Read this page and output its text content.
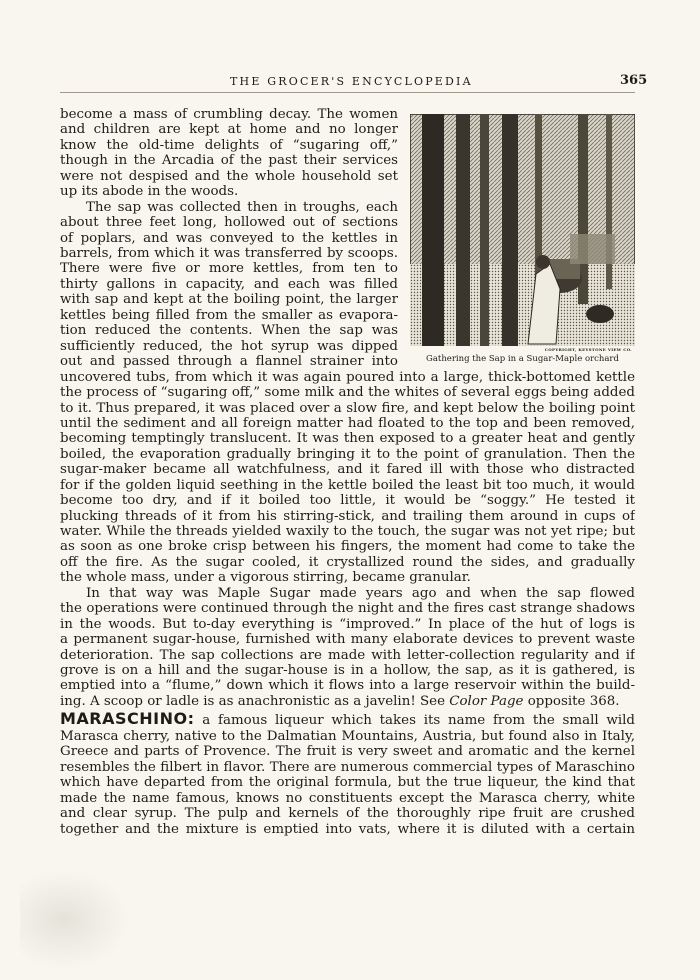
THE GROCER'S ENCYCLOPEDIA	365
COPYRIGHT, KEYSTONE VIEW CO.
Gathering the Sap in a Sugar-Maple orchard
become a mass of crumbling decay. The women
and children are kept at home and no longer
know the old-time delights of “sugaring off,”
though in the Arcadia of the past their services
were not despised and the whole household set
up its abode in the woods.
The sap was collected then in troughs, each
about three feet long, hollowed out of sections
of poplars, and was conveyed to the kettles in
barrels, from which it was transferred by scoops.
There were five or more kettles, from ten to
thirty gallons in capacity, and each was filled
with sap and kept at the boiling point, the larger
kettles being filled from the smaller as evapora-
tion reduced the contents. When the sap was
sufficiently reduced, the hot syrup was dipped
out and passed through a flannel strainer into
uncovered tubs, from which it was again poured into a large, thick-bottomed kettle
the process of “sugaring off,” some milk and the whites of several eggs being added
to it. Thus prepared, it was placed over a slow fire, and kept below the boiling point
until the sediment and all foreign matter had floated to the top and been removed,
becoming temptingly translucent. It was then exposed to a greater heat and gently
boiled, the evaporation gradually bringing it to the point of granulation. Then the
sugar-maker became all watchfulness, and it fared ill with those who distracted
for if the golden liquid seething in the kettle boiled the least bit too much, it would
become too dry, and if it boiled too little, it would be “soggy.” He tested it
plucking threads of it from his stirring-stick, and trailing them around in cups of
water. While the threads yielded waxily to the touch, the sugar was not yet ripe; but
as soon as one broke crisp between his fingers, the moment had come to take the
off the fire. As the sugar cooled, it crystallized round the sides, and gradually
the whole mass, under a vigorous stirring, became granular.
In that way was Maple Sugar made years ago and when the sap flowed
the operations were continued through the night and the fires cast strange shadows
in the woods. But to-day everything is “improved.” In place of the hut of logs is
a permanent sugar-house, furnished with many elaborate devices to prevent waste
deterioration. The sap collections are made with letter-collection regularity and if
grove is on a hill and the sugar-house is in a hollow, the sap, as it is gathered, is
emptied into a “flume,” down which it flows into a large reservoir within the build-
ing. A scoop or ladle is as anachronistic as a javelin! See Color Page opposite 368.
MARASCHINO: a famous liqueur which takes its name from the small wild
Marasca cherry, native to the Dalmatian Mountains, Austria, but found also in Italy,
Greece and parts of Provence. The fruit is very sweet and aromatic and the kernel
resembles the filbert in flavor. There are numerous commercial types of Maraschino
which have departed from the original formula, but the true liqueur, the kind that
made the name famous, knows no constituents except the Marasca cherry, white
and clear syrup. The pulp and kernels of the thoroughly ripe fruit are crushed
together and the mixture is emptied into vats, where it is diluted with a certain
